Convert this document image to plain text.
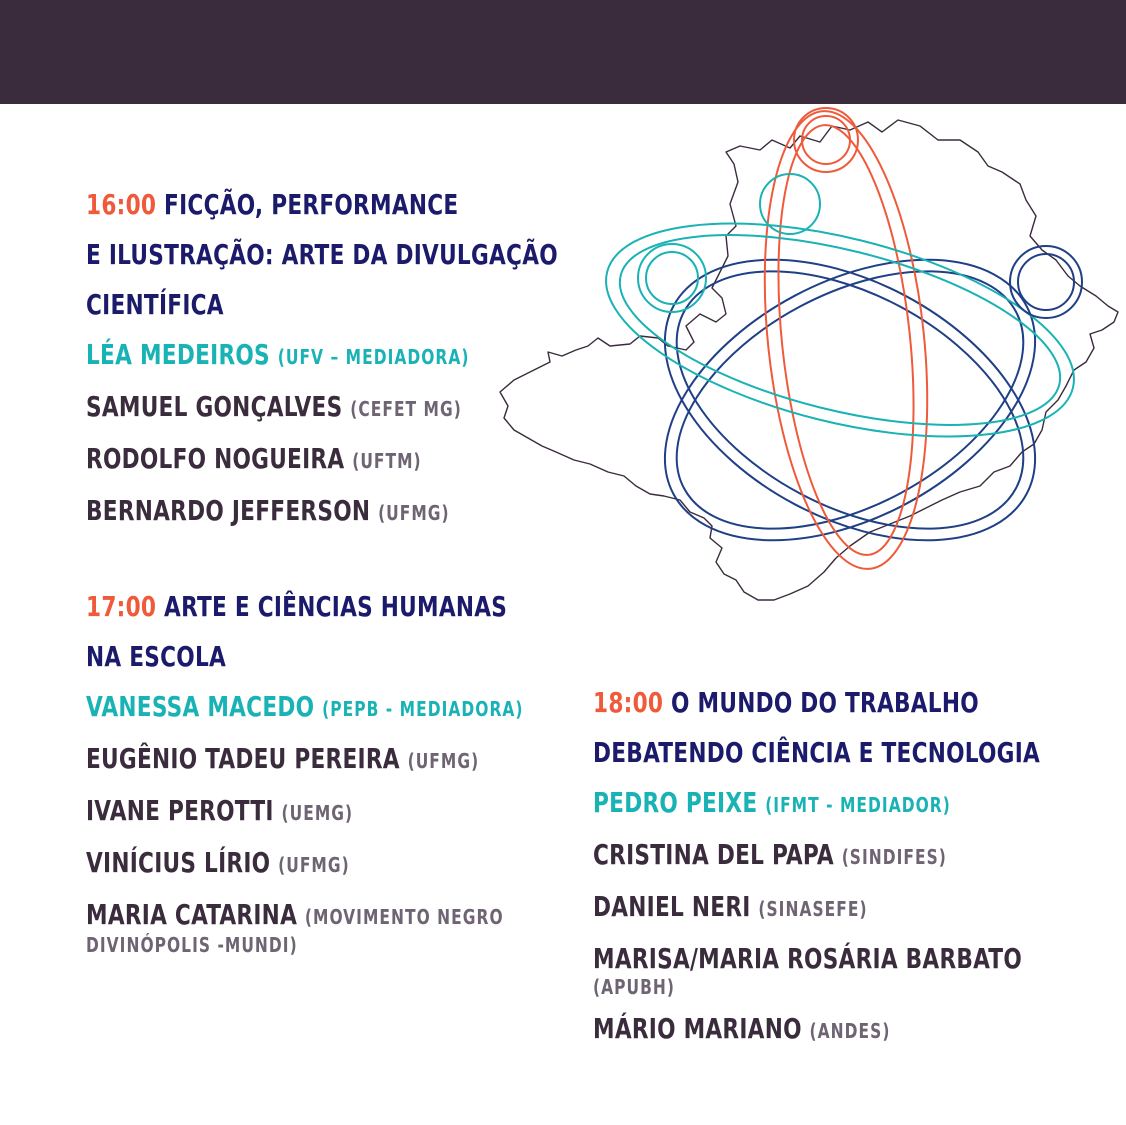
16:00 FICÇÃO, PERFORMANCE
E ILUSTRAÇÃO: ARTE DA DIVULGAÇÃO
CIENTÍFICA
LÉA MEDEIROS (UFV – MEDIADORA)
SAMUEL GONÇALVES (CEFET MG)
RODOLFO NOGUEIRA (UFTM)
BERNARDO JEFFERSON (UFMG)
17:00 ARTE E CIÊNCIAS HUMANAS
NA ESCOLA
VANESSA MACEDO (PEPB - MEDIADORA)
EUGÊNIO TADEU PEREIRA (UFMG)
IVANE PEROTTI (UEMG)
VINÍCIUS LÍRIO (UFMG)
MARIA CATARINA (MOVIMENTO NEGRO
DIVINÓPOLIS -MUNDI)
18:00 O MUNDO DO TRABALHO
DEBATENDO CIÊNCIA E TECNOLOGIA
PEDRO PEIXE (IFMT - MEDIADOR)
CRISTINA DEL PAPA (SINDIFES)
DANIEL NERI (SINASEFE)
MARISA/MARIA ROSÁRIA BARBATO
(APUBH)
MÁRIO MARIANO (ANDES)
